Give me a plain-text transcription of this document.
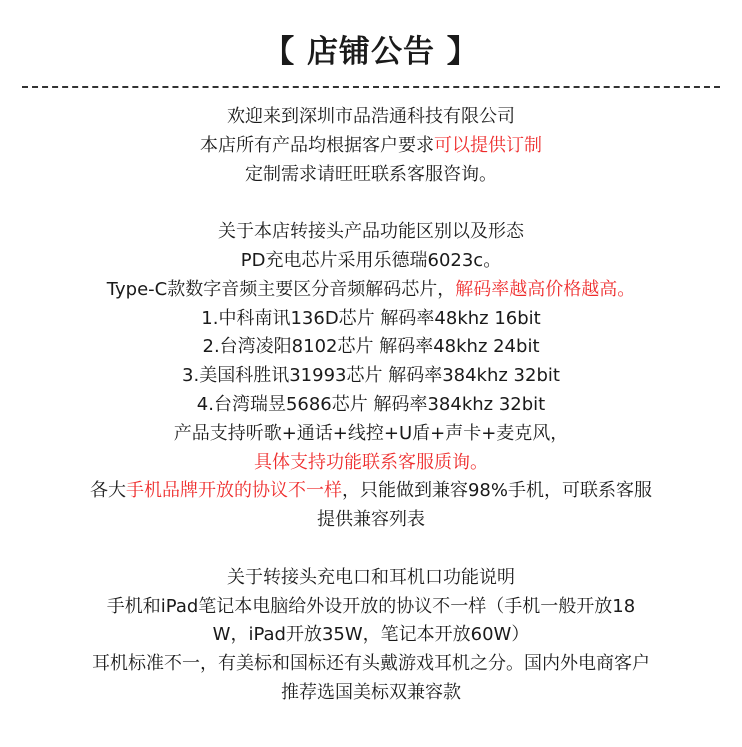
【 店铺公告 】
欢迎来到深圳市品浩通科技有限公司
本店所有产品均根据客户要求可以提供订制
定制需求请旺旺联系客服咨询。
关于本店转接头产品功能区别以及形态
PD充电芯片采用乐德瑞6023c。
Type-C款数字音频主要区分音频解码芯片，解码率越高价格越高。
1.中科南讯136D芯片 解码率48khz 16bit
2.台湾凌阳8102芯片 解码率48khz 24bit
3.美国科胜讯31993芯片 解码率384khz 32bit
4.台湾瑞昱5686芯片 解码率384khz 32bit
产品支持听歌+通话+线控+U盾+声卡+麦克风，
具体支持功能联系客服质询。
各大手机品牌开放的协议不一样，只能做到兼容98%手机，可联系客服
提供兼容列表
关于转接头充电口和耳机口功能说明
手机和iPad笔记本电脑给外设开放的协议不一样（手机一般开放18
W，iPad开放35W，笔记本开放60W）
耳机标准不一，有美标和国标还有头戴游戏耳机之分。国内外电商客户
推荐选国美标双兼容款
